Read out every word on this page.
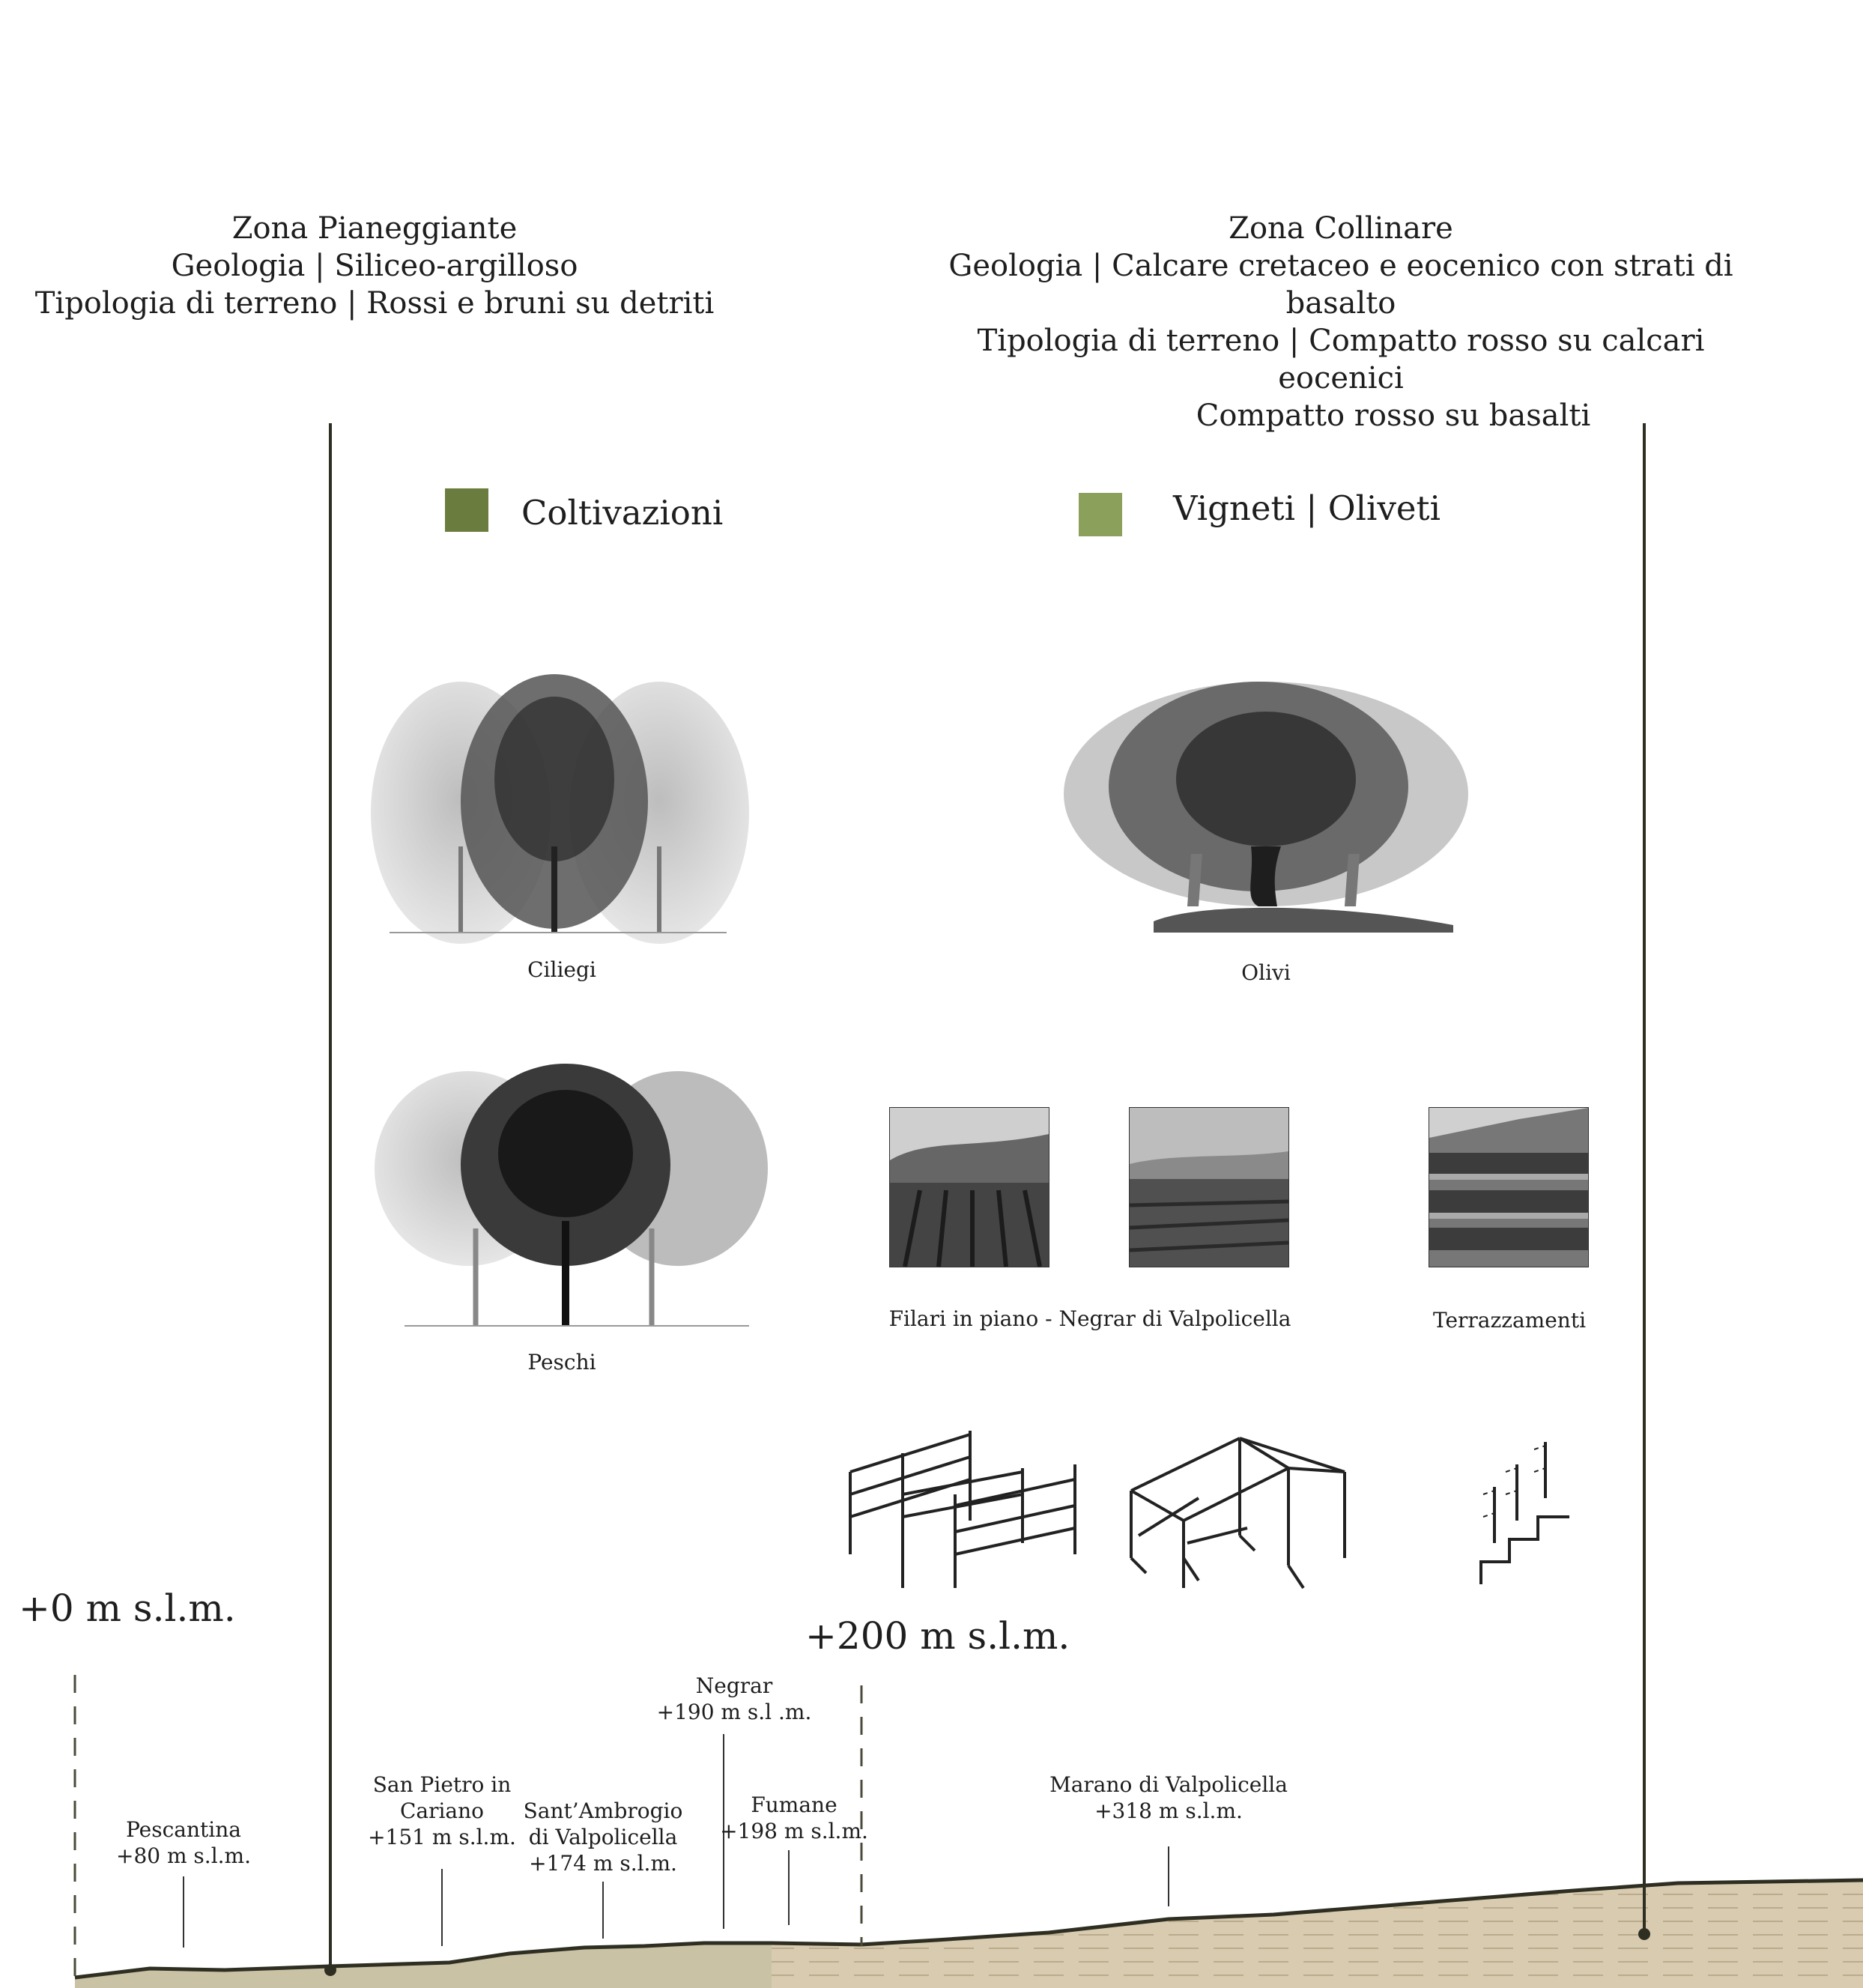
Zona Pianeggiante
Geologia | Siliceo-argilloso
Tipologia di terreno | Rossi e bruni su detriti
Zona Collinare
Geologia | Calcare cretaceo e eocenico con strati di basalto
Tipologia di terreno | Compatto rosso su calcari eocenici
Compatto rosso su basalti
Coltivazioni	Vigneti | Oliveti
Ciliegi	Olivi
Peschi
Filari in piano - Negrar di Valpolicella	Terrazzamenti
+0 m s.l.m.
+200 m s.l.m.
Pescantina
+80 m s.l.m.
San Pietro in Cariano
+151 m s.l.m.
Sant’Ambrogio
di Valpolicella
+174 m s.l.m.
Negrar
+190 m s.l .m.
Fumane
+198 m s.l.m.
Marano di Valpolicella
+318 m s.l.m.
